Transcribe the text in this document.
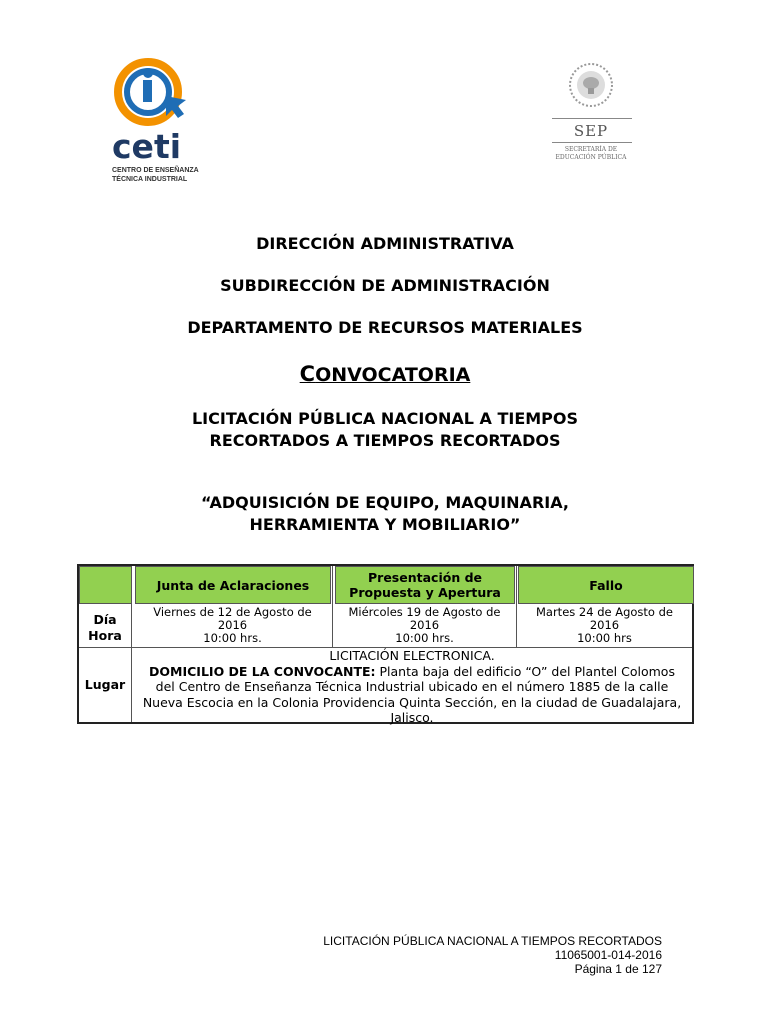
ceti
CENTRO DE ENSEÑANZA
TÉCNICA INDUSTRIAL
SEP
SECRETARÍA DE
EDUCACIÓN PÚBLICA
DIRECCIÓN ADMINISTRATIVA
SUBDIRECCIÓN DE ADMINISTRACIÓN
DEPARTAMENTO DE RECURSOS MATERIALES
CONVOCATORIA
LICITACIÓN PÚBLICA NACIONAL A TIEMPOS
RECORTADOS A TIEMPOS RECORTADOS
“ADQUISICIÓN DE EQUIPO, MAQUINARIA,
HERRAMIENTA Y MOBILIARIO”
Junta de Aclaraciones	Presentación de
Propuesta y Apertura	Fallo
Día
Hora
Viernes de 12 de Agosto de
2016
10:00 hrs.
Miércoles 19 de Agosto de
2016
10:00 hrs.
Martes 24 de Agosto de
2016
10:00 hrs
Lugar
LICITACIÓN ELECTRONICA.
DOMICILIO DE LA CONVOCANTE: Planta baja del edificio “O” del Plantel Colomos
del Centro de Enseñanza Técnica Industrial ubicado en el número 1885 de la calle
Nueva Escocia en la Colonia Providencia Quinta Sección, en la ciudad de Guadalajara,
Jalisco.
LICITACIÓN PÚBLICA NACIONAL A TIEMPOS RECORTADOS
11065001-014-2016
Página 1 de 127
